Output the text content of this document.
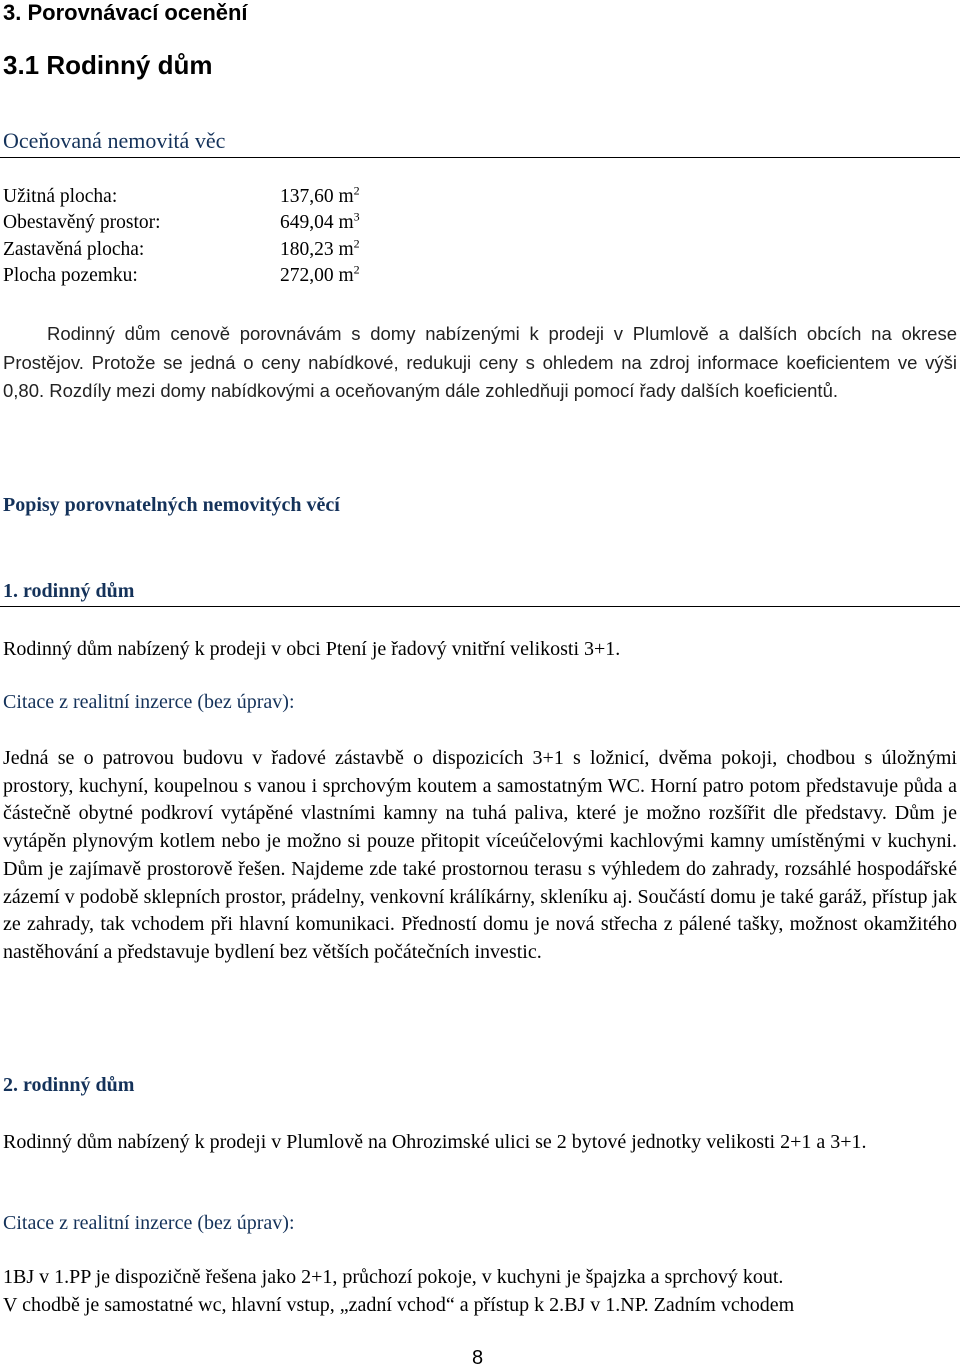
3. Porovnávací ocenění
3.1 Rodinný dům
Oceňovaná nemovitá věc
Užitná plocha:	137,60 $m^2$
Obestavěný prostor:	649,04 $m^3$
Zastavěná plocha:	180,23 $m^2$
Plocha pozemku:	272,00 $m^2$
Rodinný dům cenově porovnávám s domy nabízenými k prodeji v Plumlově a dalších obcích na okrese Prostějov. Protože se jedná o ceny nabídkové, redukuji ceny s ohledem na zdroj informace koeficientem ve výši 0,80. Rozdíly mezi domy nabídkovými a oceňovaným dále zohledňuji pomocí řady dalších koeficientů.
Popisy porovnatelných nemovitých věcí
1. rodinný dům
Rodinný dům nabízený k prodeji v obci Ptení je řadový vnitřní velikosti 3+1.
Citace z realitní inzerce (bez úprav):
Jedná se o patrovou budovu v řadové zástavbě o dispozicích 3+1 s ložnicí, dvěma pokoji, chodbou s úložnými prostory, kuchyní, koupelnou s vanou i sprchovým koutem a samostatným WC. Horní patro potom představuje půda a částečně obytné podkroví vytápěné vlastními kamny na tuhá paliva, které je možno rozšířit dle představy. Dům je vytápěn plynovým kotlem nebo je možno si pouze přitopit víceúčelovými kachlovými kamny umístěnými v kuchyni. Dům je zajímavě prostorově řešen. Najdeme zde také prostornou terasu s výhledem do zahrady, rozsáhlé hospodářské zázemí v podobě sklepních prostor, prádelny, venkovní králíkárny, skleníku aj. Součástí domu je také garáž, přístup jak ze zahrady, tak vchodem při hlavní komunikaci. Předností domu je nová střecha z pálené tašky, možnost okamžitého nastěhování a představuje bydlení bez větších počátečních investic.
2. rodinný dům
Rodinný dům nabízený k prodeji v Plumlově na Ohrozimské ulici se 2 bytové jednotky velikosti 2+1 a 3+1.
Citace z realitní inzerce (bez úprav):
1BJ v 1.PP je dispozičně řešena jako 2+1, průchozí pokoje, v kuchyni je špajzka a sprchový kout.
V chodbě je samostatné wc, hlavní vstup, „zadní vchod“ a přístup k 2.BJ v 1.NP. Zadním vchodem
8
